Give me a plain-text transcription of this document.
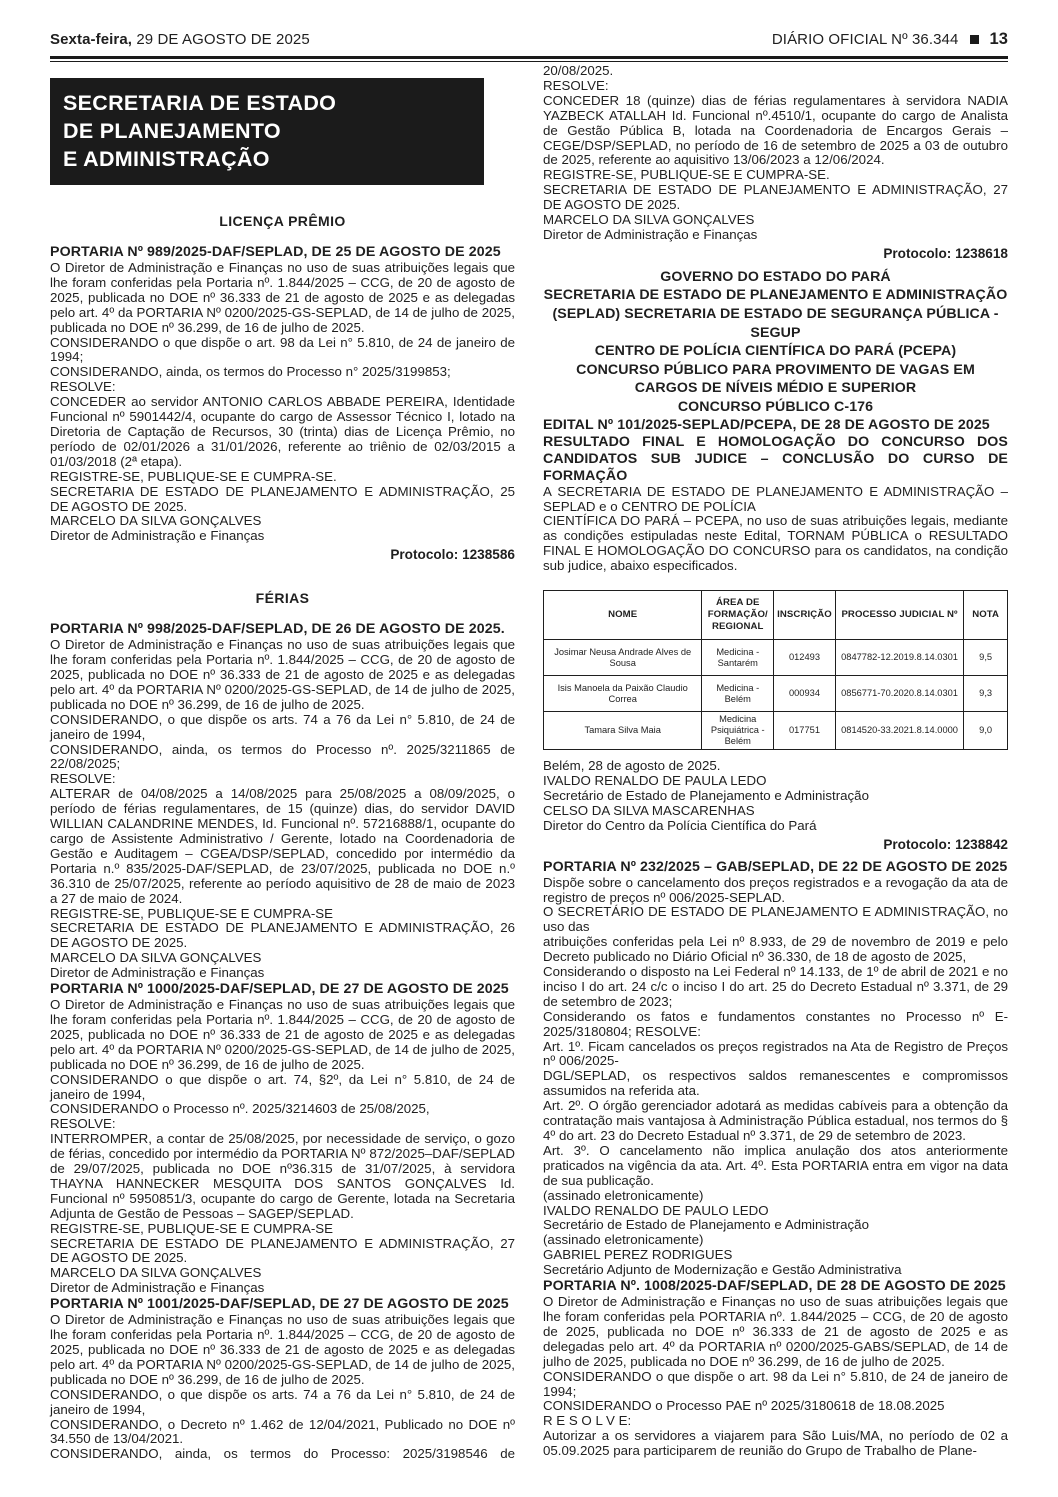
Sexta-feira, 29 DE AGOSTO DE 2025	DIÁRIO OFICIAL Nº 36.344 13
SECRETARIA DE ESTADO
DE PLANEJAMENTO
E ADMINISTRAÇÃO

LICENÇA PRÊMIO

PORTARIA Nº 989/2025-DAF/SEPLAD, DE 25 DE AGOSTO DE 2025

O Diretor de Administração e Finanças no uso de suas atribuições legais que lhe foram conferidas pela Portaria nº. 1.844/2025 – CCG, de 20 de agosto de 2025, publicada no DOE nº 36.333 de 21 de agosto de 2025 e as delegadas pelo art. 4º da PORTARIA Nº 0200/2025-GS-SEPLAD, de 14 de julho de 2025, publicada no DOE nº 36.299, de 16 de julho de 2025.

CONSIDERANDO o que dispõe o art. 98 da Lei n° 5.810, de 24 de janeiro de 1994;

CONSIDERANDO, ainda, os termos do Processo n° 2025/3199853;

RESOLVE:

CONCEDER ao servidor ANTONIO CARLOS ABBADE PEREIRA, Identidade Funcional nº 5901442/4, ocupante do cargo de Assessor Técnico I, lotado na Diretoria de Captação de Recursos, 30 (trinta) dias de Licença Prêmio, no período de 02/01/2026 a 31/01/2026, referente ao triênio de 02/03/2015 a 01/03/2018 (2ª etapa).

REGISTRE-SE, PUBLIQUE-SE E CUMPRA-SE.

SECRETARIA DE ESTADO DE PLANEJAMENTO E ADMINISTRAÇÃO, 25 DE AGOSTO DE 2025.

MARCELO DA SILVA GONÇALVES

Diretor de Administração e Finanças

Protocolo: 1238586

FÉRIAS

PORTARIA Nº 998/2025-DAF/SEPLAD, DE 26 DE AGOSTO DE 2025.

O Diretor de Administração e Finanças no uso de suas atribuições legais que lhe foram conferidas pela Portaria nº. 1.844/2025 – CCG, de 20 de agosto de 2025, publicada no DOE nº 36.333 de 21 de agosto de 2025 e as delegadas pelo art. 4º da PORTARIA Nº 0200/2025-GS-SEPLAD, de 14 de julho de 2025, publicada no DOE nº 36.299, de 16 de julho de 2025.

CONSIDERANDO, o que dispõe os arts. 74 a 76 da Lei n° 5.810, de 24 de janeiro de 1994,

CONSIDERANDO, ainda, os termos do Processo nº. 2025/3211865 de 22/08/2025;

RESOLVE:

ALTERAR de 04/08/2025 a 14/08/2025 para 25/08/2025 a 08/09/2025, o período de férias regulamentares, de 15 (quinze) dias, do servidor DAVID WILLIAN CALANDRINE MENDES, Id. Funcional nº. 57216888/1, ocupante do cargo de Assistente Administrativo / Gerente, lotado na Coordenadoria de Gestão e Auditagem – CGEA/DSP/SEPLAD, concedido por intermédio da Portaria n.º 835/2025-DAF/SEPLAD, de 23/07/2025, publicada no DOE n.º 36.310 de 25/07/2025, referente ao período aquisitivo de 28 de maio de 2023 a 27 de maio de 2024.

REGISTRE-SE, PUBLIQUE-SE E CUMPRA-SE

SECRETARIA DE ESTADO DE PLANEJAMENTO E ADMINISTRAÇÃO, 26 DE AGOSTO DE 2025.

MARCELO DA SILVA GONÇALVES

Diretor de Administração e Finanças

PORTARIA Nº 1000/2025-DAF/SEPLAD, DE 27 DE AGOSTO DE 2025

O Diretor de Administração e Finanças no uso de suas atribuições legais que lhe foram conferidas pela Portaria nº. 1.844/2025 – CCG, de 20 de agosto de 2025, publicada no DOE nº 36.333 de 21 de agosto de 2025 e as delegadas pelo art. 4º da PORTARIA Nº 0200/2025-GS-SEPLAD, de 14 de julho de 2025, publicada no DOE nº 36.299, de 16 de julho de 2025.

CONSIDERANDO o que dispõe o art. 74, §2º, da Lei n° 5.810, de 24 de janeiro de 1994,

CONSIDERANDO o Processo nº. 2025/3214603 de 25/08/2025,

RESOLVE:

INTERROMPER, a contar de 25/08/2025, por necessidade de serviço, o gozo de férias, concedido por intermédio da PORTARIA Nº 872/2025–DAF/SEPLAD de 29/07/2025, publicada no DOE nº36.315 de 31/07/2025, à servidora THAYNA HANNECKER MESQUITA DOS SANTOS GONÇALVES Id. Funcional nº 5950851/3, ocupante do cargo de Gerente, lotada na Secretaria Adjunta de Gestão de Pessoas – SAGEP/SEPLAD.

REGISTRE-SE, PUBLIQUE-SE E CUMPRA-SE

SECRETARIA DE ESTADO DE PLANEJAMENTO E ADMINISTRAÇÃO, 27 DE AGOSTO DE 2025.

MARCELO DA SILVA GONÇALVES

Diretor de Administração e Finanças

PORTARIA Nº 1001/2025-DAF/SEPLAD, DE 27 DE AGOSTO DE 2025

O Diretor de Administração e Finanças no uso de suas atribuições legais que lhe foram conferidas pela Portaria nº. 1.844/2025 – CCG, de 20 de agosto de 2025, publicada no DOE nº 36.333 de 21 de agosto de 2025 e as delegadas pelo art. 4º da PORTARIA Nº 0200/2025-GS-SEPLAD, de 14 de julho de 2025, publicada no DOE nº 36.299, de 16 de julho de 2025.

CONSIDERANDO, o que dispõe os arts. 74 a 76 da Lei n° 5.810, de 24 de janeiro de 1994,

CONSIDERANDO, o Decreto nº 1.462 de 12/04/2021, Publicado no DOE nº 34.550 de 13/04/2021.

CONSIDERANDO, ainda, os termos do Processo: 2025/3198546 de

20/08/2025.

RESOLVE:

CONCEDER 18 (quinze) dias de férias regulamentares à servidora NADIA YAZBECK ATALLAH Id. Funcional nº.4510/1, ocupante do cargo de Analista de Gestão Pública B, lotada na Coordenadoria de Encargos Gerais – CEGE/DSP/SEPLAD, no período de 16 de setembro de 2025 a 03 de outubro de 2025, referente ao aquisitivo 13/06/2023 a 12/06/2024.

REGISTRE-SE, PUBLIQUE-SE E CUMPRA-SE.

SECRETARIA DE ESTADO DE PLANEJAMENTO E ADMINISTRAÇÃO, 27 DE AGOSTO DE 2025.

MARCELO DA SILVA GONÇALVES

Diretor de Administração e Finanças

Protocolo: 1238618

GOVERNO DO ESTADO DO PARÁ

SECRETARIA DE ESTADO DE PLANEJAMENTO E ADMINISTRAÇÃO (SEPLAD) SECRETARIA DE ESTADO DE SEGURANÇA PÚBLICA - SEGUP

CENTRO DE POLÍCIA CIENTÍFICA DO PARÁ (PCEPA)

CONCURSO PÚBLICO PARA PROVIMENTO DE VAGAS EM CARGOS DE NÍVEIS MÉDIO E SUPERIOR

CONCURSO PÚBLICO C-176

EDITAL Nº 101/2025-SEPLAD/PCEPA, DE 28 DE AGOSTO DE 2025

RESULTADO FINAL E HOMOLOGAÇÃO DO CONCURSO DOS CANDIDATOS SUB JUDICE – CONCLUSÃO DO CURSO DE FORMAÇÃO

A SECRETARIA DE ESTADO DE PLANEJAMENTO E ADMINISTRAÇÃO – SEPLAD e o CENTRO DE POLÍCIA

CIENTÍFICA DO PARÁ – PCEPA, no uso de suas atribuições legais, mediante as condições estipuladas neste Edital, TORNAM PÚBLICA o RESULTADO FINAL E HOMOLOGAÇÃO DO CONCURSO para os candidatos, na condição sub judice, abaixo especificados.

NOME	ÁREA DE FORMAÇÃO/ REGIONAL	INSCRIÇÃO	PROCESSO JUDICIAL Nº	NOTA
Josimar Neusa Andrade Alves de Sousa	Medicina - Santarém	012493	0847782-12.2019.8.14.0301	9,5
Isis Manoela da Paixão Claudio Correa	Medicina - Belém	000934	0856771-70.2020.8.14.0301	9,3
Tamara Silva Maia	Medicina Psiquiátrica - Belém	017751	0814520-33.2021.8.14.0000	9,0

Belém, 28 de agosto de 2025.

IVALDO RENALDO DE PAULA LEDO

Secretário de Estado de Planejamento e Administração

CELSO DA SILVA MASCARENHAS

Diretor do Centro da Polícia Científica do Pará

Protocolo: 1238842

PORTARIA Nº 232/2025 – GAB/SEPLAD, DE 22 DE AGOSTO DE 2025

Dispõe sobre o cancelamento dos preços registrados e a revogação da ata de registro de preços nº 006/2025-SEPLAD.

O SECRETÁRIO DE ESTADO DE PLANEJAMENTO E ADMINISTRAÇÃO, no uso das

atribuições conferidas pela Lei nº 8.933, de 29 de novembro de 2019 e pelo Decreto publicado no Diário Oficial nº 36.330, de 18 de agosto de 2025,

Considerando o disposto na Lei Federal nº 14.133, de 1º de abril de 2021 e no inciso I do art. 24 c/c o inciso I do art. 25 do Decreto Estadual nº 3.371, de 29 de setembro de 2023;

Considerando os fatos e fundamentos constantes no Processo nº E-2025/3180804; RESOLVE:

Art. 1º. Ficam cancelados os preços registrados na Ata de Registro de Preços nº 006/2025-

DGL/SEPLAD, os respectivos saldos remanescentes e compromissos assumidos na referida ata.

Art. 2º. O órgão gerenciador adotará as medidas cabíveis para a obtenção da contratação mais vantajosa à Administração Pública estadual, nos termos do § 4º do art. 23 do Decreto Estadual nº 3.371, de 29 de setembro de 2023.

Art. 3º. O cancelamento não implica anulação dos atos anteriormente praticados na vigência da ata. Art. 4º. Esta PORTARIA entra em vigor na data de sua publicação.

(assinado eletronicamente)

IVALDO RENALDO DE PAULO LEDO

Secretário de Estado de Planejamento e Administração

(assinado eletronicamente)

GABRIEL PEREZ RODRIGUES

Secretário Adjunto de Modernização e Gestão Administrativa

PORTARIA Nº. 1008/2025-DAF/SEPLAD, DE 28 DE AGOSTO DE 2025

O Diretor de Administração e Finanças no uso de suas atribuições legais que lhe foram conferidas pela PORTARIA nº. 1.844/2025 – CCG, de 20 de agosto de 2025, publicada no DOE nº 36.333 de 21 de agosto de 2025 e as delegadas pelo art. 4º da PORTARIA nº 0200/2025-GABS/SEPLAD, de 14 de julho de 2025, publicada no DOE nº 36.299, de 16 de julho de 2025.

CONSIDERANDO o que dispõe o art. 98 da Lei n° 5.810, de 24 de janeiro de 1994;

CONSIDERANDO o Processo PAE nº 2025/3180618 de 18.08.2025

R E S O L V E:

Autorizar a os servidores a viajarem para São Luis/MA, no período de 02 a 05.09.2025 para participarem de reunião do Grupo de Trabalho de Plane-
